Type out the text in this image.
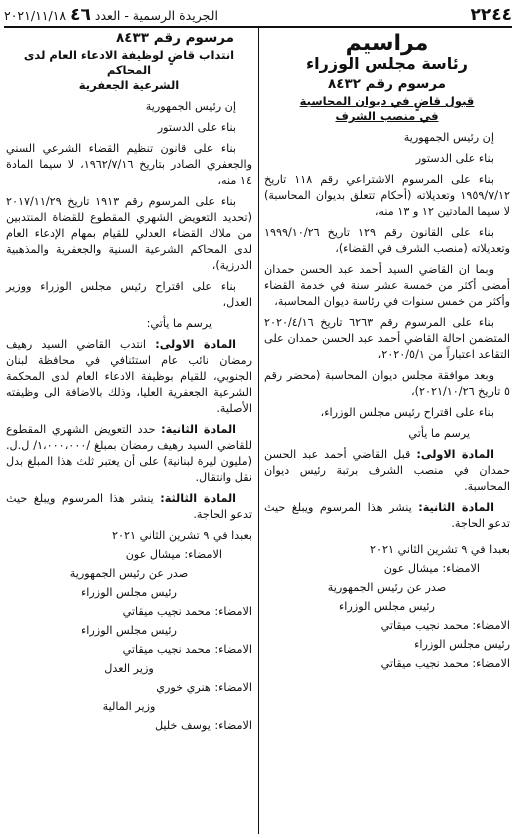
٢٢٤٤
٢٠٢١/١١/١٨ ٤٦ الجريدة الرسمية - العدد
مراسيم
رئاسة مجلس الوزراء
مرسوم رقم ٨٤٣٢
قبول قاضٍ في ديوان المحاسبة
في منصب الشرف

إن رئيس الجمهورية

بناء على الدستور

بناء على المرسوم الاشتراعي رقم ١١٨ تاريخ ١٩٥٩/٧/١٢ وتعديلاته (أحكام تتعلق بديوان المحاسبة) لا سيما المادتين ١٢ و ١٣ منه،

بناء على القانون رقم ١٢٩ تاريخ ١٩٩٩/١٠/٢٦ وتعديلاته (منصب الشرف في القضاء)،

وبما ان القاضي السيد أحمد عبد الحسن حمدان أمضى أكثر من خمسة عشر سنة في خدمة القضاء وأكثر من خمس سنوات في رئاسة ديوان المحاسبة،

بناء على المرسوم رقم ٦٢٦٣ تاريخ ٢٠٢٠/٤/١٦ المتضمن احالة القاضي أحمد عبد الحسن حمدان على التقاعد اعتباراً من ٢٠٢٠/٥/١،

وبعد موافقة مجلس ديوان المحاسبة (محضر رقم ٥ تاريخ ٢٠٢١/١٠/٢٦)،

بناء على اقتراح رئيس مجلس الوزراء،

يرسم ما يأتي

المادة الاولى: قبل القاضي أحمد عبد الحسن حمدان في منصب الشرف برتبة رئيس ديوان المحاسبة.

المادة الثانية: ينشر هذا المرسوم ويبلغ حيث تدعو الحاجة.

بعبدا في ٩ تشرين الثاني ٢٠٢١
الامضاء: ميشال عون
صدر عن رئيس الجمهورية
رئيس مجلس الوزراء
الامضاء: محمد نجيب ميقاتي
رئيس مجلس الوزراء
الامضاء: محمد نجيب ميقاتي
مرسوم رقم ٨٤٣٣
انتداب قاضٍ لوظيفة الادعاء العام لدى المحاكم
الشرعية الجعفرية

إن رئيس الجمهورية

بناء على الدستور

بناء على قانون تنظيم القضاء الشرعي السني والجعفري الصادر بتاريخ ١٩٦٢/٧/١٦، لا سيما المادة ١٤ منه،

بناء على المرسوم رقم ١٩١٣ تاريخ ٢٠١٧/١١/٢٩ (تحديد التعويض الشهري المقطوع للقضاة المنتدبين من ملاك القضاء العدلي للقيام بمهام الإدعاء العام لدى المحاكم الشرعية السنية والجعفرية والمذهبية الدرزية)،

بناء على اقتراح رئيس مجلس الوزراء ووزير العدل،

يرسم ما يأتي:

المادة الاولى: انتدب القاضي السيد رهيف رمضان نائب عام استئنافي في محافظة لبنان الجنوبي، للقيام بوظيفة الادعاء العام لدى المحكمة الشرعية الجعفرية العليا، وذلك بالاضافة الى وظيفته الأصلية.

المادة الثانية: حدد التعويض الشهري المقطوع للقاضي السيد رهيف رمضان بمبلغ /١،٠٠٠،٠٠٠/ ل.ل. (مليون ليرة لبنانية) على أن يعتبر ثلث هذا المبلغ بدل نقل وانتقال.

المادة الثالثة: ينشر هذا المرسوم ويبلغ حيث تدعو الحاجة.

بعبدا في ٩ تشرين الثاني ٢٠٢١
الامضاء: ميشال عون
صدر عن رئيس الجمهورية
رئيس مجلس الوزراء
الامضاء: محمد نجيب ميقاتي
رئيس مجلس الوزراء
الامضاء: محمد نجيب ميقاتي
وزير العدل
الامضاء: هنري خوري
وزير المالية
الامضاء: يوسف خليل
